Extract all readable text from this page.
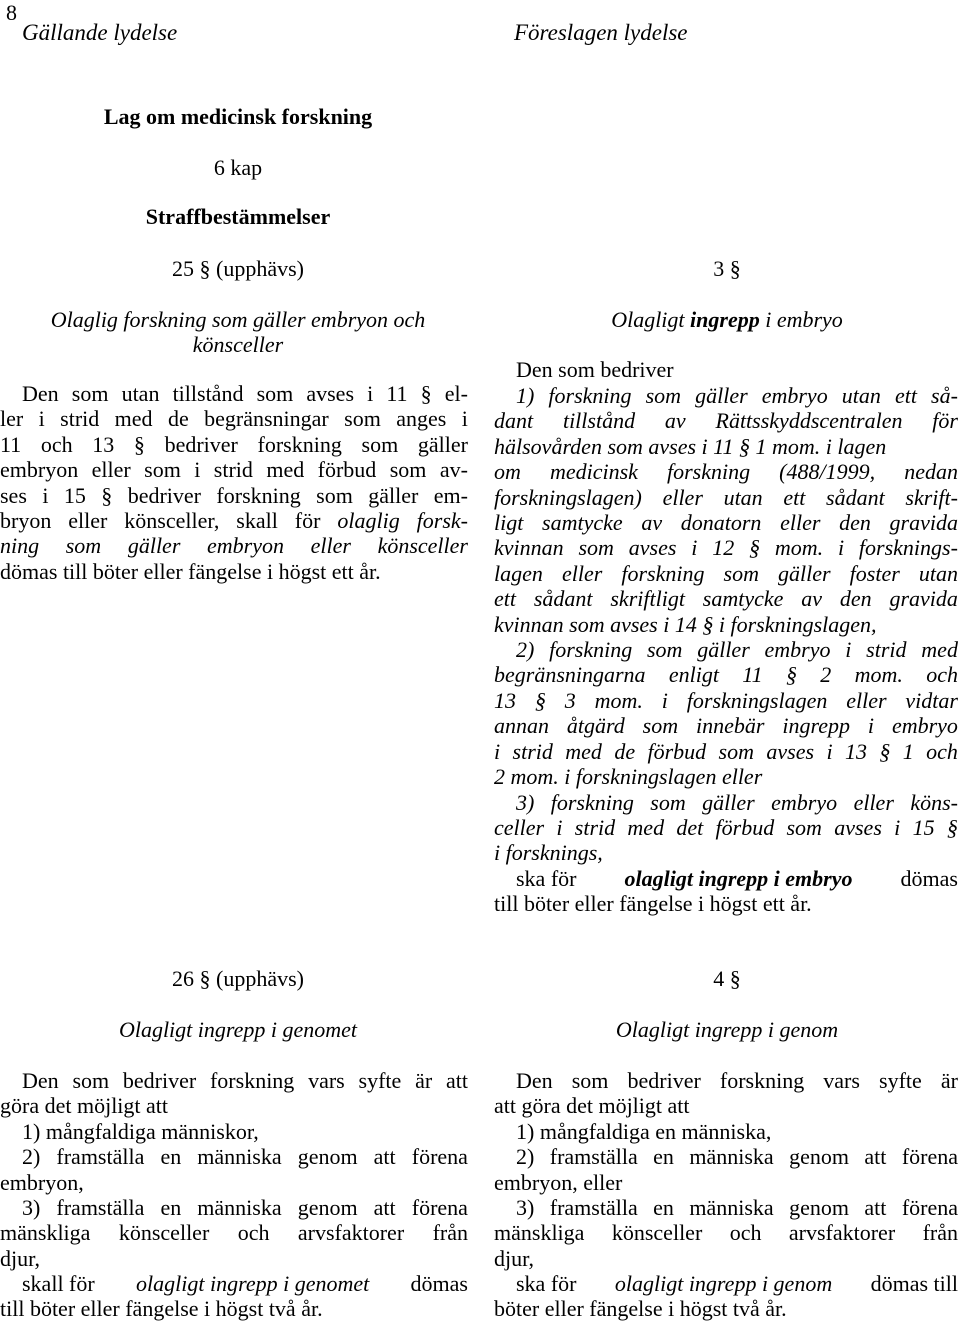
8
Gällande lydelse	Föreslagen lydelse
Lag om medicinsk forskning
6 kap
Straffbestämmelser
25 § (upphävs)
Olaglig forskning som gäller embryon och
könsceller
Den som utan tillstånd som avses i 11 § el-
ler i strid med de begränsningar som anges i
11 och 13 § bedriver forskning som gäller
embryon eller som i strid med förbud som av-
ses i 15 § bedriver forskning som gäller em-
bryon eller könsceller, skall för olaglig forsk-
ning som gäller embryon eller könsceller
dömas till böter eller fängelse i högst ett år.
3 §
Olagligt ingrepp i embryo
Den som bedriver
1) forskning som gäller embryo utan ett så-
dant tillstånd av Rättsskyddscentralen för
hälsovården som avses i 11 § 1 mom. i lagen
om medicinsk forskning (488/1999, nedan
forskningslagen) eller utan ett sådant skrift-
ligt samtycke av donatorn eller den gravida
kvinnan som avses i 12 § mom. i forsknings-
lagen eller forskning som gäller foster utan
ett sådant skriftligt samtycke av den gravida
kvinnan som avses i 14 § i forskningslagen,
2) forskning som gäller embryo i strid med
begränsningarna enligt 11 § 2 mom. och
13 § 3 mom. i forskningslagen eller vidtar
annan åtgärd som innebär ingrepp i embryo
i strid med de förbud som avses i 13 § 1 och
2 mom. i forskningslagen eller
3) forskning som gäller embryo eller köns-
celler i strid med det förbud som avses i 15 §
i forsknings,
ska för olagligt ingrepp i embryo dömas
till böter eller fängelse i högst ett år.
26 § (upphävs)
Olagligt ingrepp i genomet
Den som bedriver forskning vars syfte är att
göra det möjligt att
1) mångfaldiga människor,
2) framställa en människa genom att förena
embryon,
3) framställa en människa genom att förena
mänskliga könsceller och arvsfaktorer från
djur,
skall för olagligt ingrepp i genomet dömas
till böter eller fängelse i högst två år.
4 §
Olagligt ingrepp i genom
Den som bedriver forskning vars syfte är
att göra det möjligt att
1) mångfaldiga en människa,
2) framställa en människa genom att förena
embryon, eller
3) framställa en människa genom att förena
mänskliga könsceller och arvsfaktorer från
djur,
ska för olagligt ingrepp i genom dömas till
böter eller fängelse i högst två år.
